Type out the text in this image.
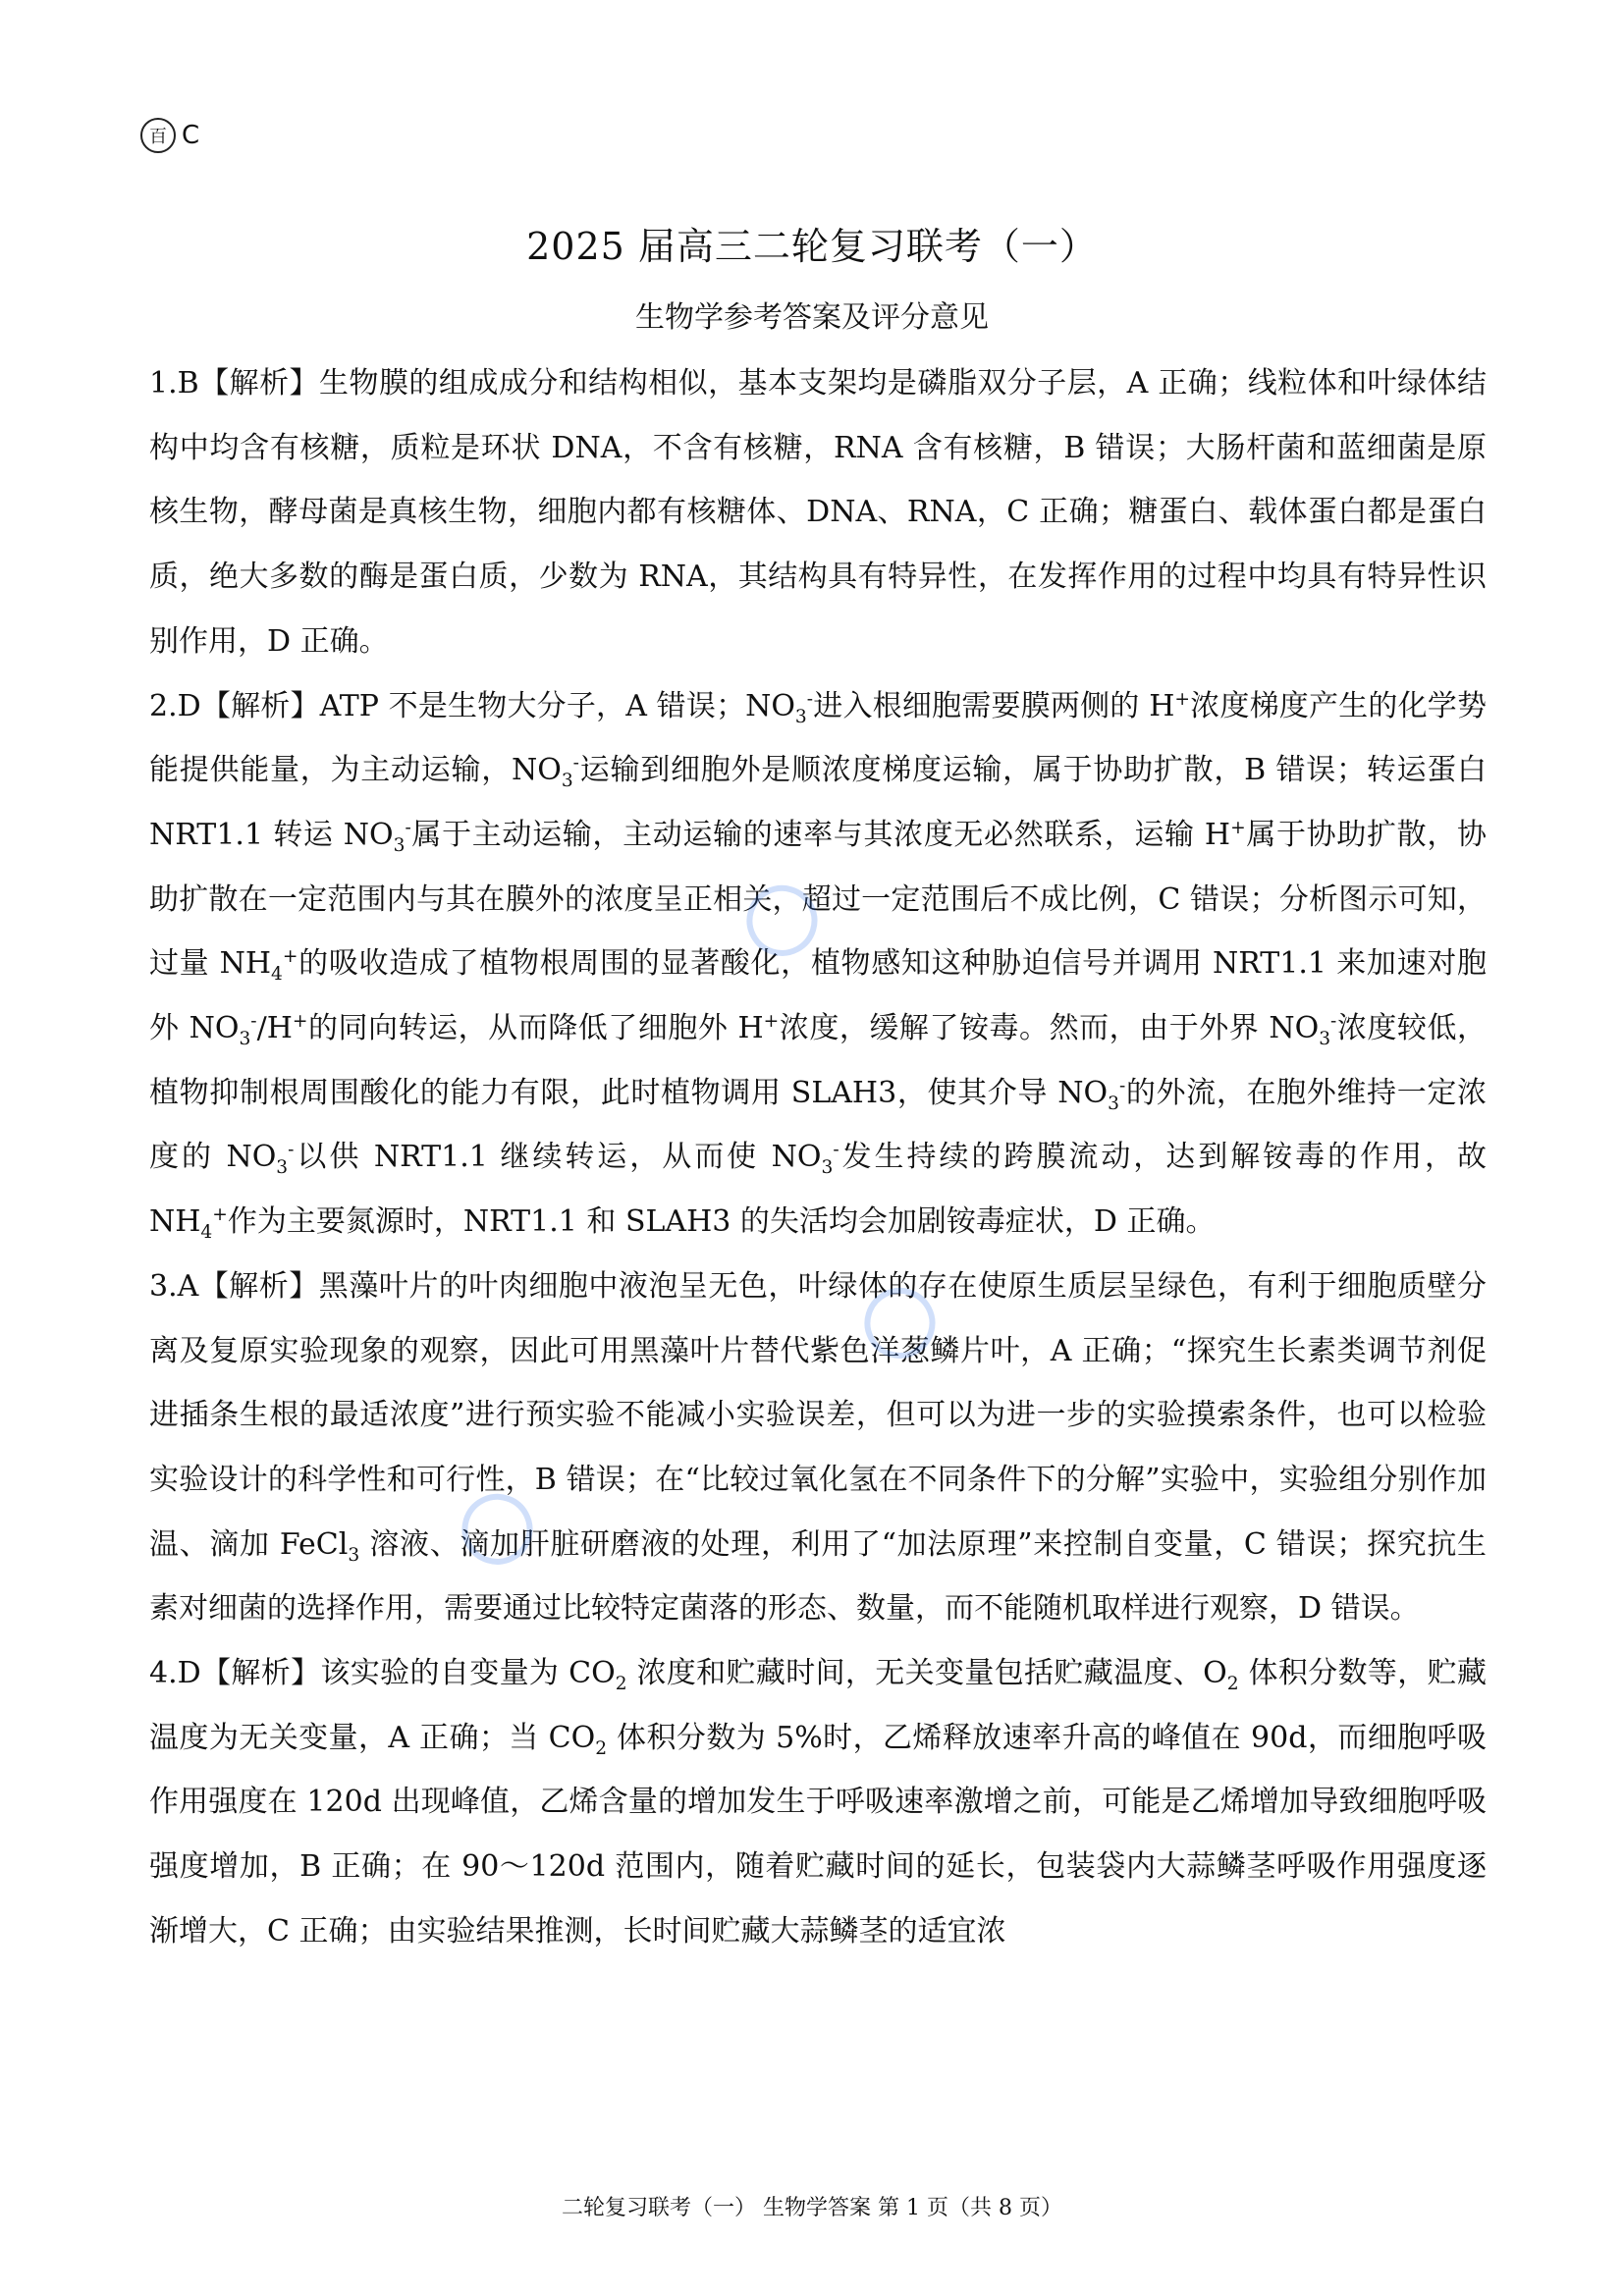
百 C
2025 届高三二轮复习联考（一）
生物学参考答案及评分意见

1.B【解析】生物膜的组成成分和结构相似，基本支架均是磷脂双分子层，A 正确；线粒体和叶绿体结构中均含有核糖，质粒是环状 DNA，不含有核糖，RNA 含有核糖，B 错误；大肠杆菌和蓝细菌是原核生物，酵母菌是真核生物，细胞内都有核糖体、DNA、RNA，C 正确；糖蛋白、载体蛋白都是蛋白质，绝大多数的酶是蛋白质，少数为 RNA，其结构具有特异性，在发挥作用的过程中均具有特异性识别作用，D 正确。

2.D【解析】ATP 不是生物大分子，A 错误；$NO_3^-$进入根细胞需要膜两侧的 H+浓度梯度产生的化学势能提供能量，为主动运输，$NO_3^-$运输到细胞外是顺浓度梯度运输，属于协助扩散，B 错误；转运蛋白 NRT1.1 转运 $NO_3^-$属于主动运输，主动运输的速率与其浓度无必然联系，运输 H+属于协助扩散，协助扩散在一定范围内与其在膜外的浓度呈正相关，超过一定范围后不成比例，C 错误；分析图示可知，过量 $NH_4^+$的吸收造成了植物根周围的显著酸化，植物感知这种胁迫信号并调用 NRT1.1 来加速对胞外 $NO_3^-/H^+$的同向转运，从而降低了细胞外 H+浓度，缓解了铵毒。然而，由于外界 $NO_3^-$浓度较低，植物抑制根周围酸化的能力有限，此时植物调用 SLAH3，使其介导 $NO_3^-$的外流，在胞外维持一定浓度的 $NO_3^-$以供 NRT1.1 继续转运，从而使 $NO_3^-$发生持续的跨膜流动，达到解铵毒的作用，故 $NH_4^+$作为主要氮源时，NRT1.1 和 SLAH3 的失活均会加剧铵毒症状，D 正确。

3.A【解析】黑藻叶片的叶肉细胞中液泡呈无色，叶绿体的存在使原生质层呈绿色，有利于细胞质壁分离及复原实验现象的观察，因此可用黑藻叶片替代紫色洋葱鳞片叶，A 正确；“探究生长素类调节剂促进插条生根的最适浓度”进行预实验不能减小实验误差，但可以为进一步的实验摸索条件，也可以检验实验设计的科学性和可行性，B 错误；在“比较过氧化氢在不同条件下的分解”实验中，实验组分别作加温、滴加 FeCl$_3$ 溶液、滴加肝脏研磨液的处理，利用了“加法原理”来控制自变量，C 错误；探究抗生素对细菌的选择作用，需要通过比较特定菌落的形态、数量，而不能随机取样进行观察，D 错误。

4.D【解析】该实验的自变量为 $CO_2$ 浓度和贮藏时间，无关变量包括贮藏温度、$O_2$ 体积分数等，贮藏温度为无关变量，A 正确；当 $CO_2$ 体积分数为 5%时，乙烯释放速率升高的峰值在 90d，而细胞呼吸作用强度在 120d 出现峰值，乙烯含量的增加发生于呼吸速率激增之前，可能是乙烯增加导致细胞呼吸强度增加，B 正确；在 90～120d 范围内，随着贮藏时间的延长，包装袋内大蒜鳞茎呼吸作用强度逐渐增大，C 正确；由实验结果推测，长时间贮藏大蒜鳞茎的适宜浓

二轮复习联考（一） 生物学答案 第 1 页（共 8 页）
